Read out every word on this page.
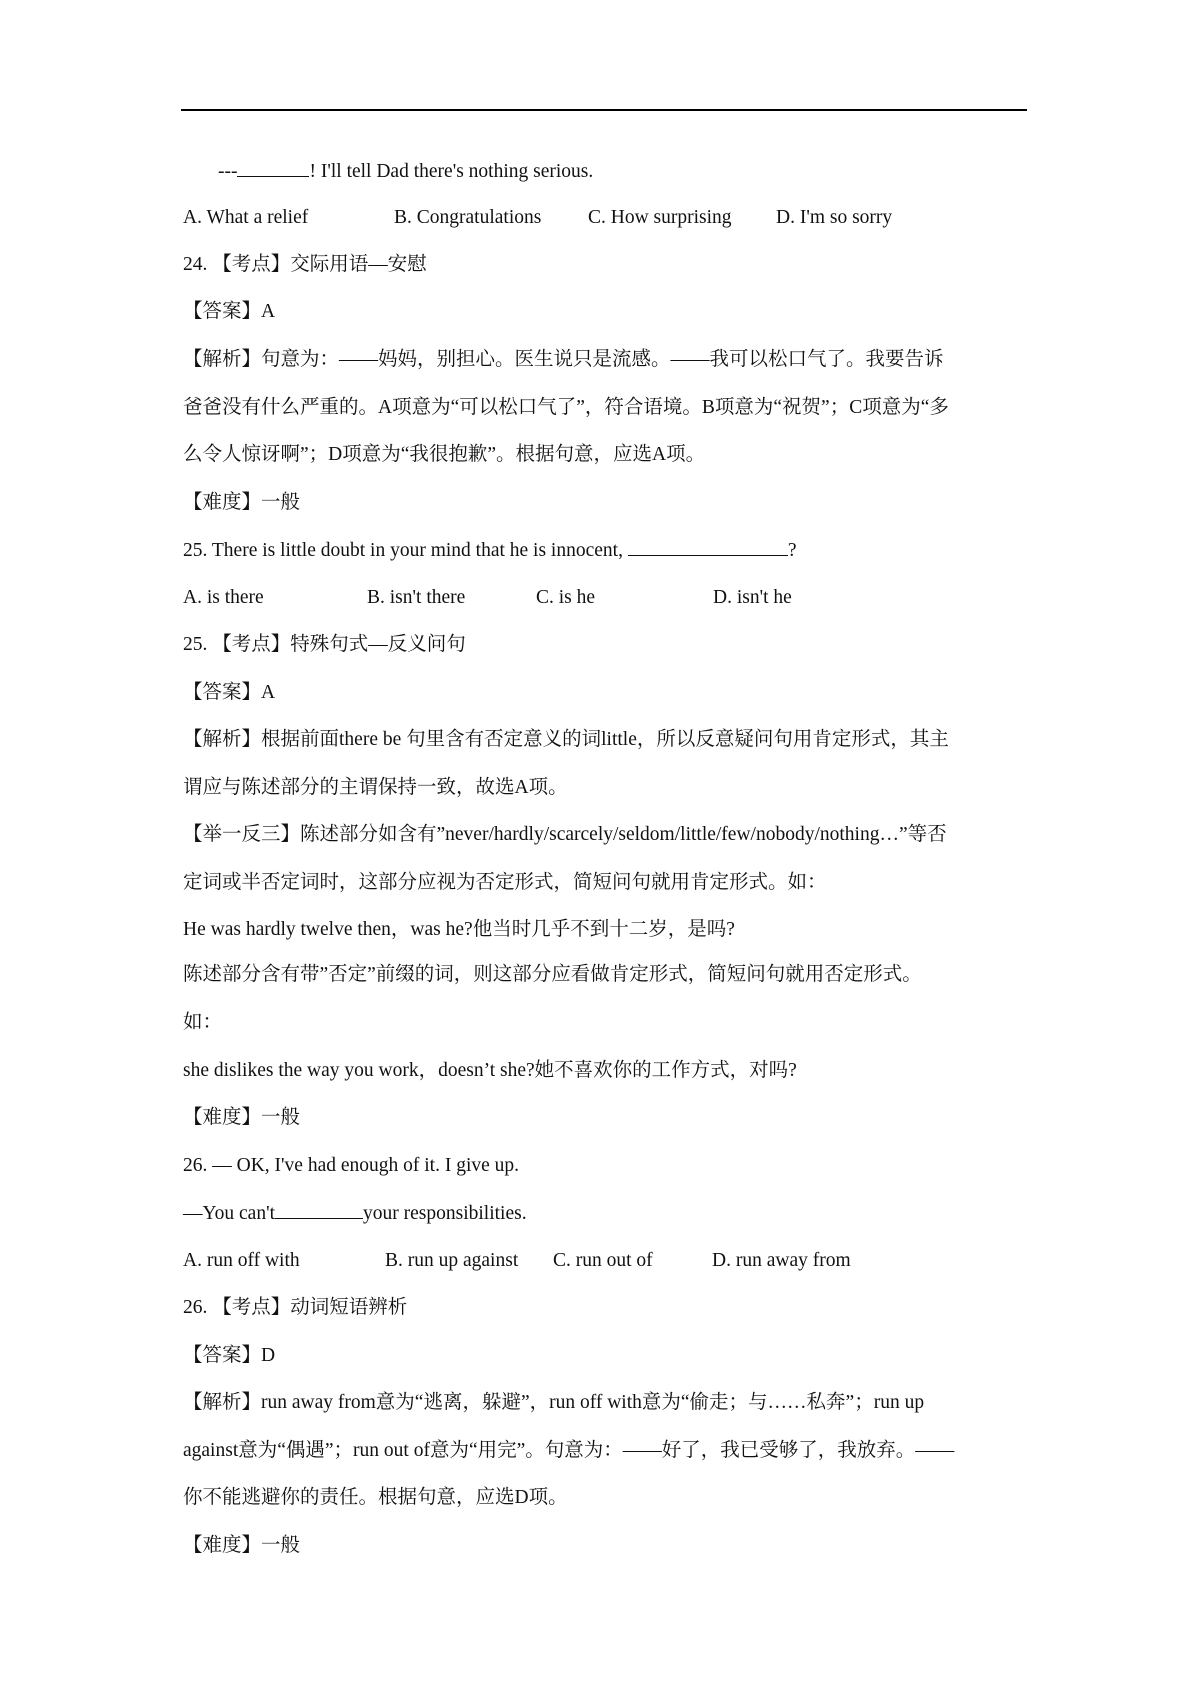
---	! I'll tell Dad there's nothing serious.
A. What a relief	B. Congratulations C. How surprising D. I'm so sorry
24. 【考点】交际用语—安慰
【答案】A
【解析】句意为：——妈妈，别担心。医生说只是流感。——我可以松口气了。我要告诉
爸爸没有什么严重的。A项意为“可以松口气了”，符合语境。B项意为“祝贺”；C项意为“多
么令人惊讶啊”；D项意为“我很抱歉”。根据句意，应选A项。
【难度】一般
25. There is little doubt in your mind that he is innocent,	?
A. is there	B. isn't there	C. is he	D. isn't he
25. 【考点】特殊句式—反义问句
【答案】A
【解析】根据前面there be 句里含有否定意义的词little，所以反意疑问句用肯定形式，其主
谓应与陈述部分的主谓保持一致，故选A项。
【举一反三】陈述部分如含有”never/hardly/scarcely/seldom/little/few/nobody/nothing…”等否
定词或半否定词时，这部分应视为否定形式，简短问句就用肯定形式。如：
He was hardly twelve then，was he?他当时几乎不到十二岁，是吗?
陈述部分含有带”否定”前缀的词，则这部分应看做肯定形式，简短问句就用否定形式。
如：
she dislikes the way you work，doesn’t she?她不喜欢你的工作方式，对吗?
【难度】一般
26. — OK, I've had enough of it. I give up.
—You can't	your responsibilities.
A. run off with	B. run up against C. run out of	D. run away from
26. 【考点】动词短语辨析
【答案】D
【解析】run away from意为“逃离，躲避”，run off with意为“偷走；与……私奔”；run up
against意为“偶遇”；run out of意为“用完”。句意为：——好了，我已受够了，我放弃。——
你不能逃避你的责任。根据句意，应选D项。
【难度】一般
